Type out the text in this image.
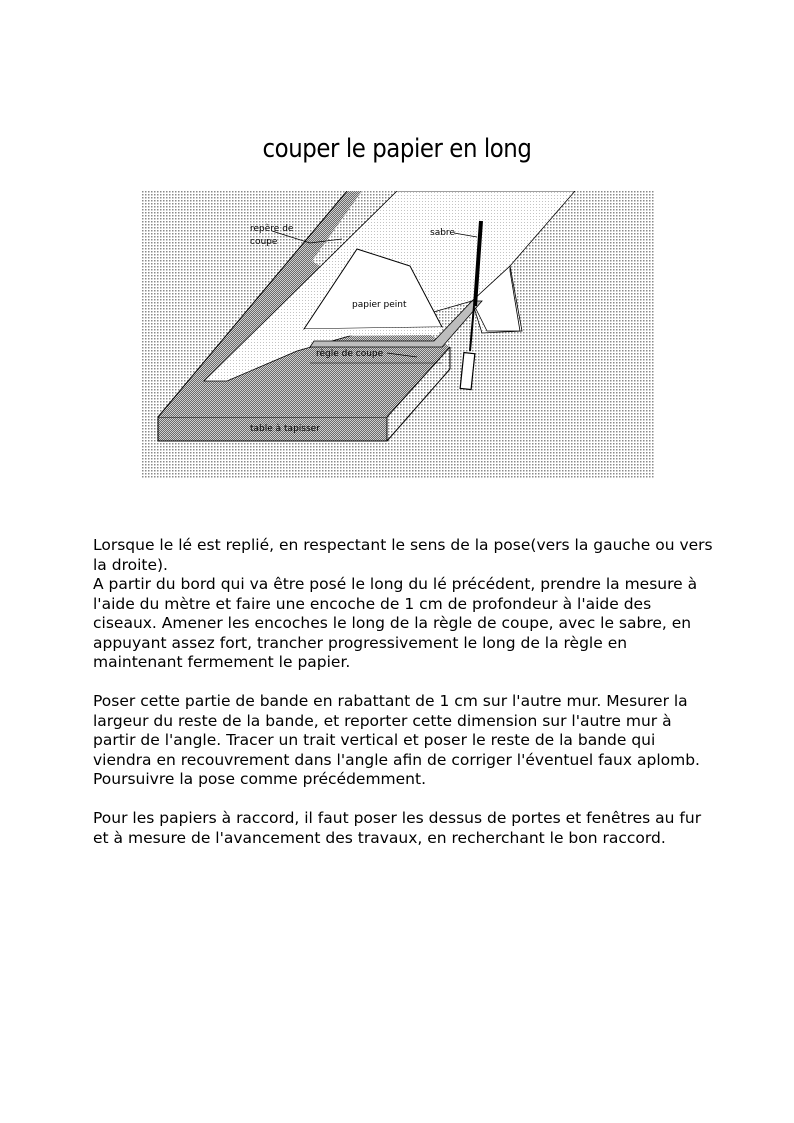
couper le papier en long
repère de
coupe
sabre
papier peint
règle de coupe
table à tapisser

Lorsque le lé est replié, en respectant le sens de la pose(vers la gauche ou vers la droite).
A partir du bord qui va être posé le long du lé précédent, prendre la mesure à l'aide du mètre et faire une encoche de 1 cm de profondeur à l'aide des ciseaux. Amener les encoches le long de la règle de coupe, avec le sabre, en appuyant assez fort, trancher progressivement le long de la règle en maintenant fermement le papier.

Poser cette partie de bande en rabattant de 1 cm sur l'autre mur. Mesurer la largeur du reste de la bande, et reporter cette dimension sur l'autre mur à partir de l'angle. Tracer un trait vertical et poser le reste de la bande qui viendra en recouvrement dans l'angle afin de corriger l'éventuel faux aplomb. Poursuivre la pose comme précédemment.

Pour les papiers à raccord, il faut poser les dessus de portes et fenêtres au fur et à mesure de l'avancement des travaux, en recherchant le bon raccord.
